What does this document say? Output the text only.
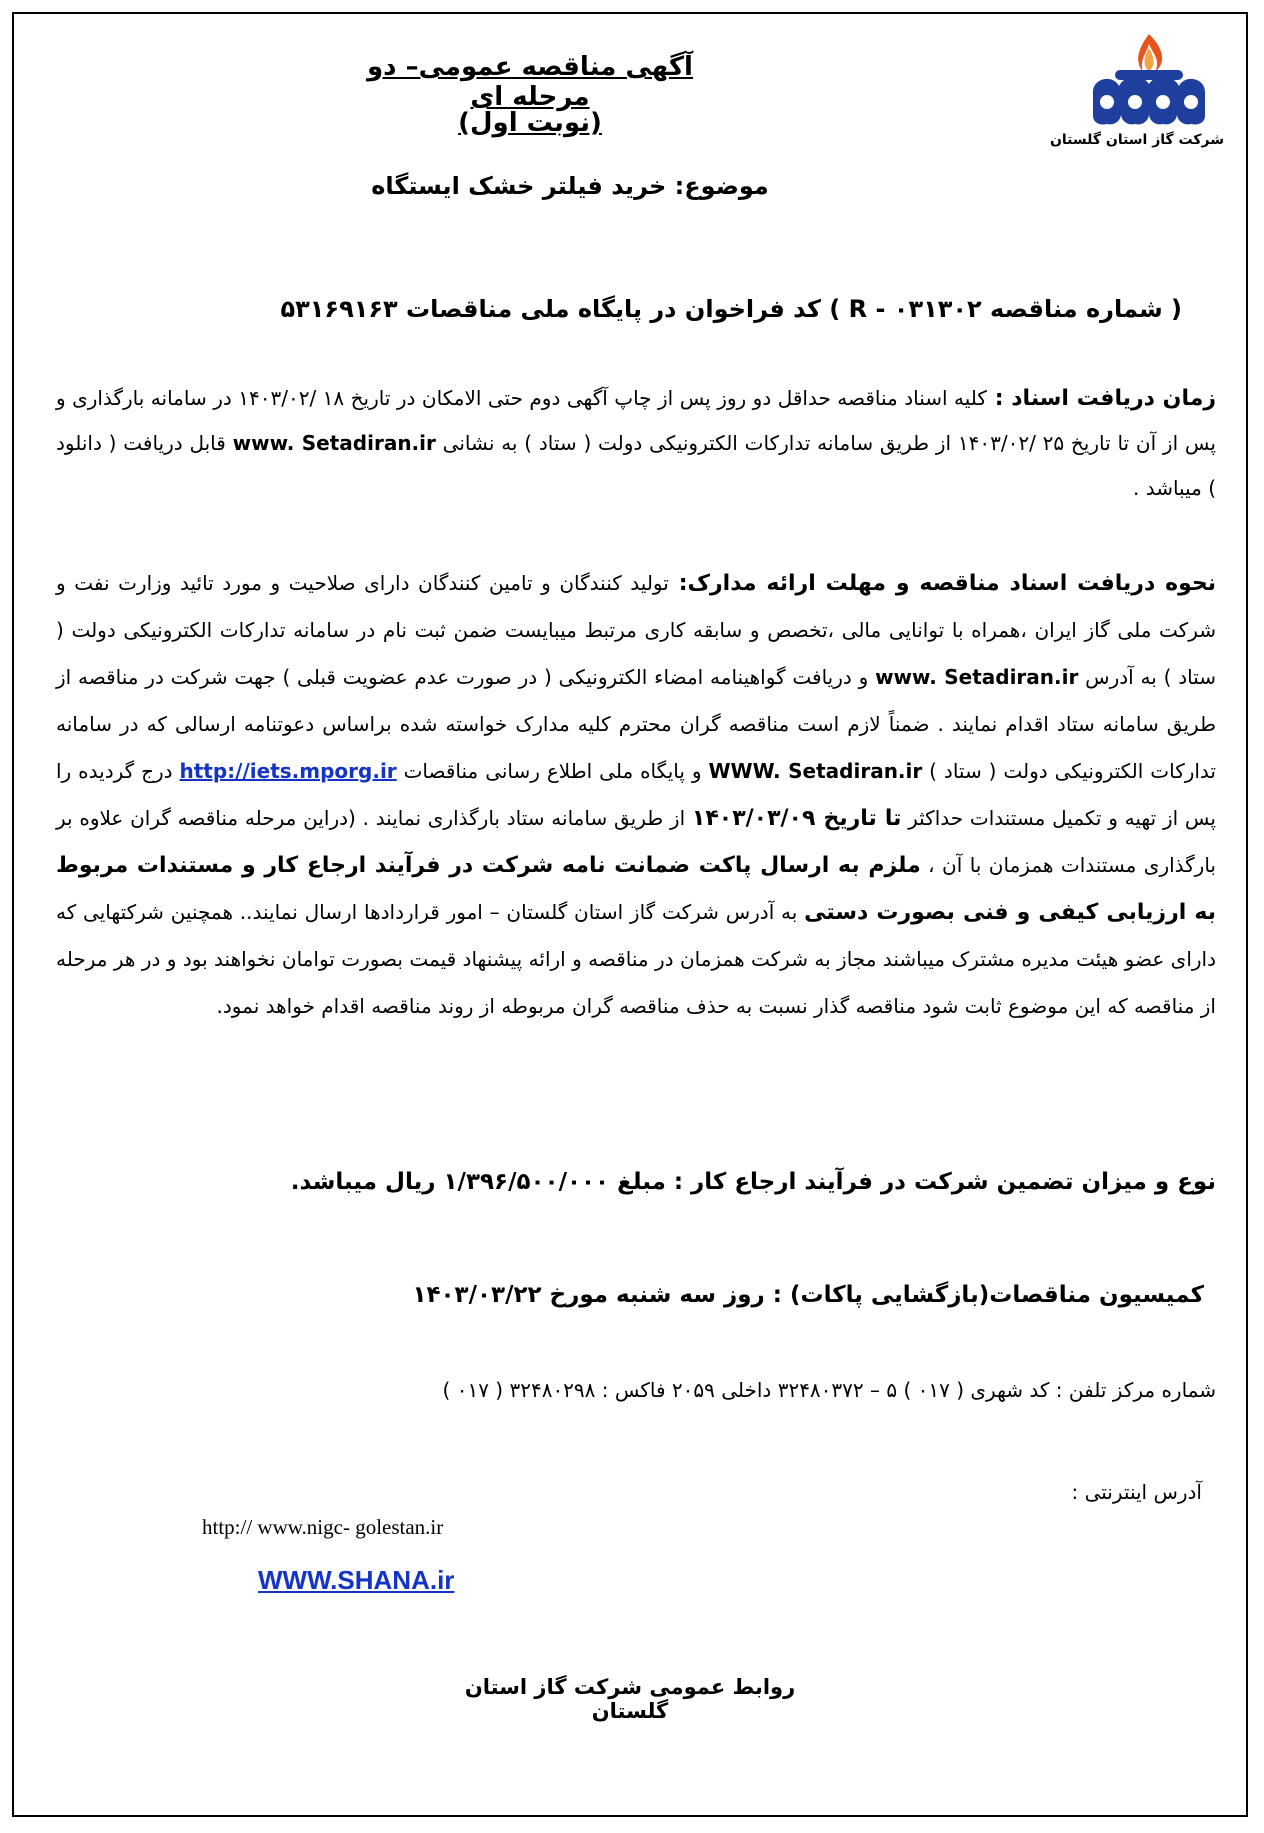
آگهی مناقصه عمومی– دو مرحله ای
(نوبت اول)
موضوع: خرید فیلتر خشک ایستگاه
شرکت گاز استان گلستان
( شماره مناقصه R - ۰۳۱۳۰۲ ) کد فراخوان در پایگاه ملی مناقصات ۵۳۱۶۹۱۶۳
زمان دریافت اسناد : کلیه اسناد مناقصه حداقل دو روز پس از چاپ آگهی دوم حتی الامکان در تاریخ ۱۸ /۱۴۰۳/۰۲ در سامانه بارگذاری و پس از آن تا تاریخ ۲۵ /۱۴۰۳/۰۲ از طریق سامانه تدارکات الکترونیکی دولت ( ستاد ) به نشانی www. Setadiran.ir قابل دریافت ( دانلود ) میباشد .
نحوه دریافت اسناد مناقصه و مهلت ارائه مدارک: تولید کنندگان و تامین کنندگان دارای صلاحیت و مورد تائید وزارت نفت و شرکت ملی گاز ایران ،همراه با توانایی مالی ،تخصص و سابقه کاری مرتبط میبایست ضمن ثبت نام در سامانه تدارکات الکترونیکی دولت ( ستاد ) به آدرس www. Setadiran.ir و دریافت گواهینامه امضاء الکترونیکی ( در صورت عدم عضویت قبلی ) جهت شرکت در مناقصه از طریق سامانه ستاد اقدام نمایند . ضمناً لازم است مناقصه گران محترم کلیه مدارک خواسته شده براساس دعوتنامه ارسالی که در سامانه تدارکات الکترونیکی دولت ( ستاد ) WWW. Setadiran.ir و پایگاه ملی اطلاع رسانی مناقصات http://iets.mporg.ir درج گردیده را پس از تهیه و تکمیل مستندات حداکثر تا تاریخ ۱۴۰۳/۰۳/۰۹ از طریق سامانه ستاد بارگذاری نمایند . (دراین مرحله مناقصه گران علاوه بر بارگذاری مستندات همزمان با آن ، ملزم به ارسال پاکت ضمانت نامه شرکت در فرآیند ارجاع کار و مستندات مربوط به ارزیابی کیفی و فنی بصورت دستی به آدرس شرکت گاز استان گلستان – امور قراردادها ارسال نمایند.. همچنین شرکتهایی که دارای عضو هیئت مدیره مشترک میباشند مجاز به شرکت همزمان در مناقصه و ارائه پیشنهاد قیمت بصورت توامان نخواهند بود و در هر مرحله از مناقصه که این موضوع ثابت شود مناقصه گذار نسبت به حذف مناقصه گران مربوطه از روند مناقصه اقدام خواهد نمود.
نوع و میزان تضمین شرکت در فرآیند ارجاع کار : مبلغ ۱/۳۹۶/۵۰۰/۰۰۰ ریال میباشد.
کمیسیون مناقصات(بازگشایی پاکات) : روز سه شنبه مورخ ۱۴۰۳/۰۳/۲۲
شماره مرکز تلفن : کد شهری ( ۰۱۷ ) ۵ – ۳۲۴۸۰۳۷۲ داخلی ۲۰۵۹ فاکس : ۳۲۴۸۰۲۹۸ ( ۰۱۷ )
آدرس اینترنتی :
http:// www.nigc- golestan.ir
WWW.SHANA.ir
روابط عمومی شرکت گاز استان گلستان
